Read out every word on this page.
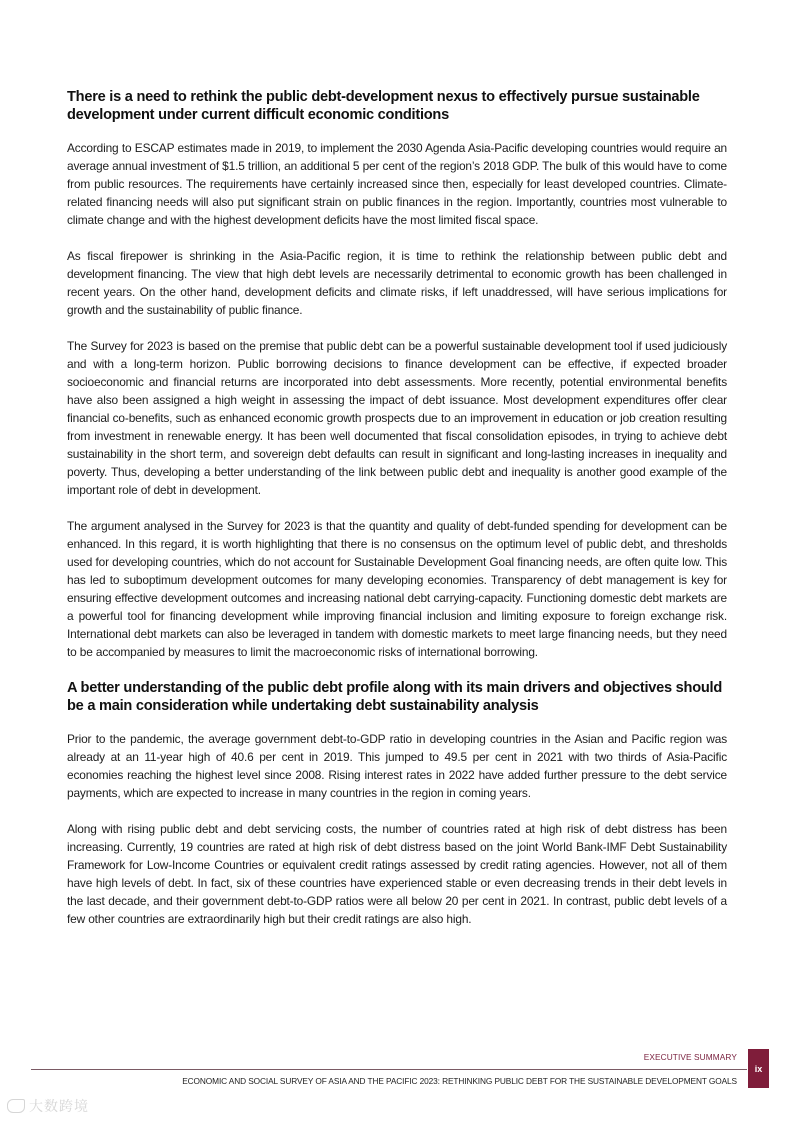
There is a need to rethink the public debt-development nexus to effectively pursue sustainable development under current difficult economic conditions

According to ESCAP estimates made in 2019, to implement the 2030 Agenda Asia-Pacific developing countries would require an average annual investment of $1.5 trillion, an additional 5 per cent of the region’s 2018 GDP. The bulk of this would have to come from public resources. The requirements have certainly increased since then, especially for least developed countries. Climate-related financing needs will also put significant strain on public finances in the region. Importantly, countries most vulnerable to climate change and with the highest development deficits have the most limited fiscal space.

As fiscal firepower is shrinking in the Asia-Pacific region, it is time to rethink the relationship between public debt and development financing. The view that high debt levels are necessarily detrimental to economic growth has been challenged in recent years. On the other hand, development deficits and climate risks, if left unaddressed, will have serious implications for growth and the sustainability of public finance.

The Survey for 2023 is based on the premise that public debt can be a powerful sustainable development tool if used judiciously and with a long-term horizon. Public borrowing decisions to finance development can be effective, if expected broader socioeconomic and financial returns are incorporated into debt assessments. More recently, potential environmental benefits have also been assigned a high weight in assessing the impact of debt issuance. Most development expenditures offer clear financial co-benefits, such as enhanced economic growth prospects due to an improvement in education or job creation resulting from investment in renewable energy. It has been well documented that fiscal consolidation episodes, in trying to achieve debt sustainability in the short term, and sovereign debt defaults can result in significant and long-lasting increases in inequality and poverty. Thus, developing a better understanding of the link between public debt and inequality is another good example of the important role of debt in development.

The argument analysed in the Survey for 2023 is that the quantity and quality of debt-funded spending for development can be enhanced. In this regard, it is worth highlighting that there is no consensus on the optimum level of public debt, and thresholds used for developing countries, which do not account for Sustainable Development Goal financing needs, are often quite low. This has led to suboptimum development outcomes for many developing economies. Transparency of debt management is key for ensuring effective development outcomes and increasing national debt carrying-capacity. Functioning domestic debt markets are a powerful tool for financing development while improving financial inclusion and limiting exposure to foreign exchange risk. International debt markets can also be leveraged in tandem with domestic markets to meet large financing needs, but they need to be accompanied by measures to limit the macroeconomic risks of international borrowing.

A better understanding of the public debt profile along with its main drivers and objectives should be a main consideration while undertaking debt sustainability analysis

Prior to the pandemic, the average government debt-to-GDP ratio in developing countries in the Asian and Pacific region was already at an 11-year high of 40.6 per cent in 2019. This jumped to 49.5 per cent in 2021 with two thirds of Asia-Pacific economies reaching the highest level since 2008. Rising interest rates in 2022 have added further pressure to the debt service payments, which are expected to increase in many countries in the region in coming years.

Along with rising public debt and debt servicing costs, the number of countries rated at high risk of debt distress has been increasing. Currently, 19 countries are rated at high risk of debt distress based on the joint World Bank-IMF Debt Sustainability Framework for Low-Income Countries or equivalent credit ratings assessed by credit rating agencies. However, not all of them have high levels of debt. In fact, six of these countries have experienced stable or even decreasing trends in their debt levels in the last decade, and their government debt-to-GDP ratios were all below 20 per cent in 2021. In contrast, public debt levels of a few other countries are extraordinarily high but their credit ratings are also high.

EXECUTIVE SUMMARY
ECONOMIC AND SOCIAL SURVEY OF ASIA AND THE PACIFIC 2023: RETHINKING PUBLIC DEBT FOR THE SUSTAINABLE DEVELOPMENT GOALS
ix
大数跨境
